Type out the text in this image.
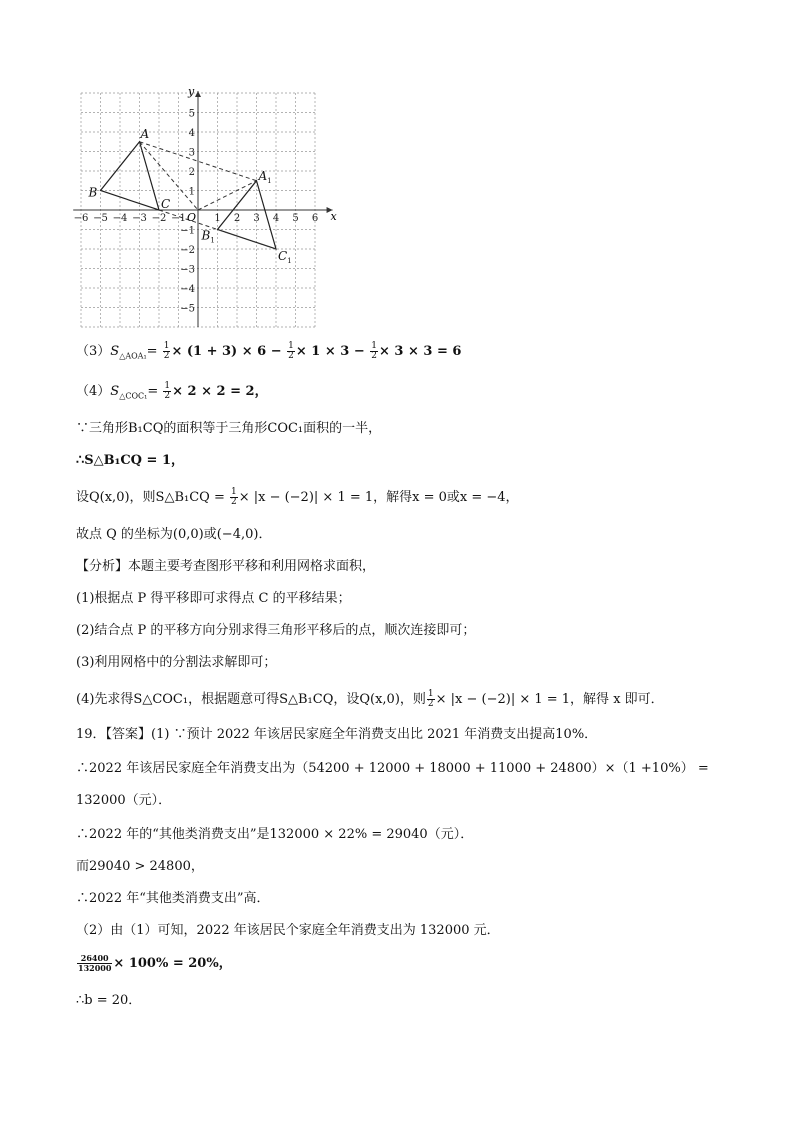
−6 −5 −4 −3 −2 −1	1 2 3 4 5 6
5
4
3
2
1
−1
−2
−3
−4
−5
x
y
O
A
B
C
$A_1$
$B_1$
$C_1$
$(3)S_{\triangle AOA_1}= \frac{1}{2} \times (1 + 3) \times 6 - \frac{1}{2} \times 1 \times 3 - \frac{1}{2} \times 3 \times 3 = 6$
$(4)S_{\triangle COC_1}= \frac{1}{2} \times 2 \times 2 = 2$，
∵三角形B₁CQ的面积等于三角形COC₁面积的一半，
∴S△B₁CQ = 1，
设Q(x,0)，则S△B₁CQ = $\frac{1}{2} \times |x - (-2)| \times 1 = 1$，解得x = 0或x = −4，
故点 Q 的坐标为(0,0)或(−4,0)．
【分析】本题主要考查图形平移和利用网格求面积，
(1)根据点 P 得平移即可求得点 C 的平移结果；
(2)结合点 P 的平移方向分别求得三角形平移后的点，顺次连接即可；
(3)利用网格中的分割法求解即可；
(4)先求得S△COC₁，根据题意可得S△B₁CQ，设Q(x,0)，则 $\frac{1}{2} \times |x - (-2)| \times 1 = 1$，解得 x 即可．
19．【答案】(1) ∵预计 2022 年该居民家庭全年消费支出比 2021 年消费支出提高10%．
∴2022 年该居民家庭全年消费支出为（54200 + 12000 + 18000 + 11000 + 24800）×（1 +10%） =
132000（元）．
∴2022 年的“其他类消费支出”是132000 × 22% = 29040（元）．
而29040 > 24800，
∴2022 年“其他类消费支出”高．
（2）由（1）可知，2022 年该居民个家庭全年消费支出为 132000 元．
$\frac{26400}{132000} \times 100\% = 20\%$，
∴b = 20．
